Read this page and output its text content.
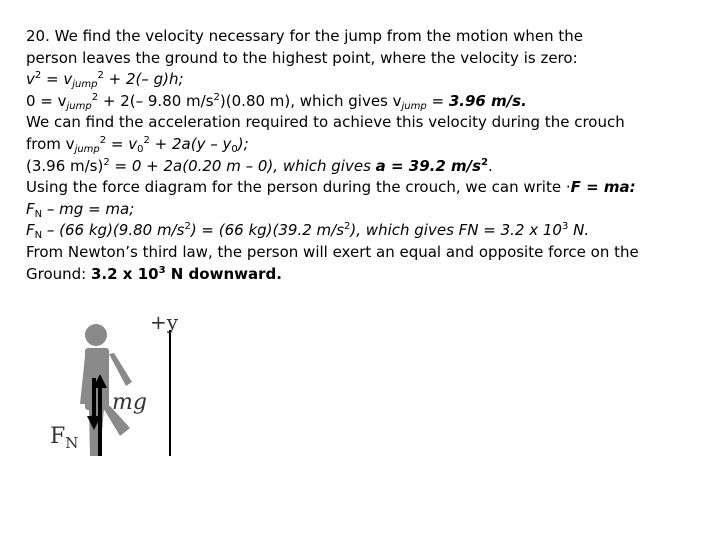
20. We find the velocity necessary for the jump from the motion when the
person leaves the ground to the highest point, where the velocity is zero:
$v^2 = v_{jump}^2 + 2(-$ g)h;
$0 = v_{jump}^2 + 2(-$ 9.80 $m/s^2)(0.80$ m), which gives $v_{jump} = 3.96$ m/s.
We can find the acceleration required to achieve this velocity during the crouch
from $v_{jump}^2 = v_0^2 + 2a(y - y_0)$;
(3.96 m/s)$^2$ = 0 + 2a(0.20 m – 0), which gives a = 39.2 $m/s^2$.
Using the force diagram for the person during the crouch, we can write ·F = ma:
$F_N$ – mg = ma;
$F_N - (66$ kg)(9.80 $m/s^2) = (66$ kg)(39.2 $m/s^2$), which gives FN = 3.2 x $10^3$ N.
From Newton’s third law, the person will exert an equal and opposite force on the
Ground: 3.2 x $10^3$ N downward.
+y
mg
$F_N$
